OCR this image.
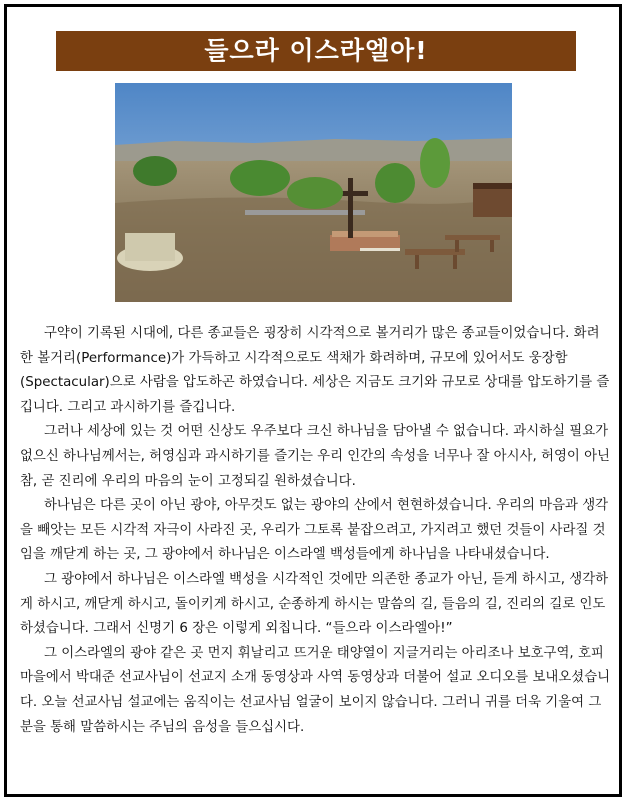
들으라 이스라엘아!

구약이 기록된 시대에, 다른 종교들은 굉장히 시각적으로 볼거리가 많은 종교들이었습니다. 화려한 볼거리(Performance)가 가득하고 시각적으로도 색채가 화려하며, 규모에 있어서도 웅장함(Spectacular)으로 사람을 압도하곤 하였습니다. 세상은 지금도 크기와 규모로 상대를 압도하기를 즐깁니다. 그리고 과시하기를 즐깁니다.

그러나 세상에 있는 것 어떤 신상도 우주보다 크신 하나님을 담아낼 수 없습니다. 과시하실 필요가 없으신 하나님께서는, 허영심과 과시하기를 즐기는 우리 인간의 속성을 너무나 잘 아시사, 허영이 아닌 참, 곧 진리에 우리의 마음의 눈이 고정되길 원하셨습니다.

하나님은 다른 곳이 아닌 광야, 아무것도 없는 광야의 산에서 현현하셨습니다. 우리의 마음과 생각을 빼앗는 모든 시각적 자극이 사라진 곳, 우리가 그토록 붙잡으려고, 가지려고 했던 것들이 사라질 것임을 깨닫게 하는 곳, 그 광야에서 하나님은 이스라엘 백성들에게 하나님을 나타내셨습니다.

그 광야에서 하나님은 이스라엘 백성을 시각적인 것에만 의존한 종교가 아닌, 듣게 하시고, 생각하게 하시고, 깨닫게 하시고, 돌이키게 하시고, 순종하게 하시는 말씀의 길, 들음의 길, 진리의 길로 인도하셨습니다. 그래서 신명기 6 장은 이렇게 외칩니다. “들으라 이스라엘아!”

그 이스라엘의 광야 같은 곳 먼지 휘날리고 뜨거운 태양열이 지글거리는 아리조나 보호구역, 호피 마을에서 박대준 선교사님이 선교지 소개 동영상과 사역 동영상과 더불어 설교 오디오를 보내오셨습니다. 오늘 선교사님 설교에는 움직이는 선교사님 얼굴이 보이지 않습니다. 그러니 귀를 더욱 기울여 그분을 통해 말씀하시는 주님의 음성을 들으십시다.
